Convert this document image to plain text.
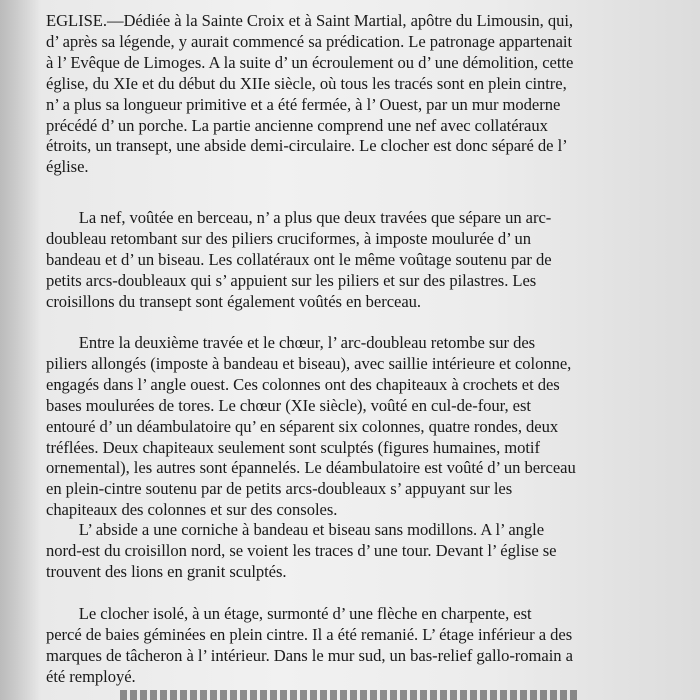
EGLISE.—Dédiée à la Sainte Croix et à Saint Martial, apôtre du Limousin, qui,
d’ après sa légende, y aurait commencé sa prédication. Le patronage appartenait
à l’ Evêque de Limoges. A la suite d’ un écroulement ou d’ une démolition, cette
église, du XIe et du début du XIIe siècle, où tous les tracés sont en plein cintre,
n’ a plus sa longueur primitive et a été fermée, à l’ Ouest, par un mur moderne
précédé d’ un porche. La partie ancienne comprend une nef avec collatéraux
étroits, un transept, une abside demi-circulaire. Le clocher est donc séparé de l’
église.

La nef, voûtée en berceau, n’ a plus que deux travées que sépare un arc-
doubleau retombant sur des piliers cruciformes, à imposte moulurée d’ un
bandeau et d’ un biseau. Les collatéraux ont le même voûtage soutenu par de
petits arcs-doubleaux qui s’ appuient sur les piliers et sur des pilastres. Les
croisillons du transept sont également voûtés en berceau.

Entre la deuxième travée et le chœur, l’ arc-doubleau retombe sur des
piliers allongés (imposte à bandeau et biseau), avec saillie intérieure et colonne,
engagés dans l’ angle ouest. Ces colonnes ont des chapiteaux à crochets et des
bases moulurées de tores. Le chœur (XIe siècle), voûté en cul-de-four, est
entouré d’ un déambulatoire qu’ en séparent six colonnes, quatre rondes, deux
tréflées. Deux chapiteaux seulement sont sculptés (figures humaines, motif
ornemental), les autres sont épannelés. Le déambulatoire est voûté d’ un berceau
en plein-cintre soutenu par de petits arcs-doubleaux s’ appuyant sur les
chapiteaux des colonnes et sur des consoles.

L’ abside a une corniche à bandeau et biseau sans modillons. A l’ angle
nord-est du croisillon nord, se voient les traces d’ une tour. Devant l’ église se
trouvent des lions en granit sculptés.

Le clocher isolé, à un étage, surmonté d’ une flèche en charpente, est
percé de baies géminées en plein cintre. Il a été remanié. L’ étage inférieur a des
marques de tâcheron à l’ intérieur. Dans le mur sud, un bas-relief gallo-romain a
été remployé.
